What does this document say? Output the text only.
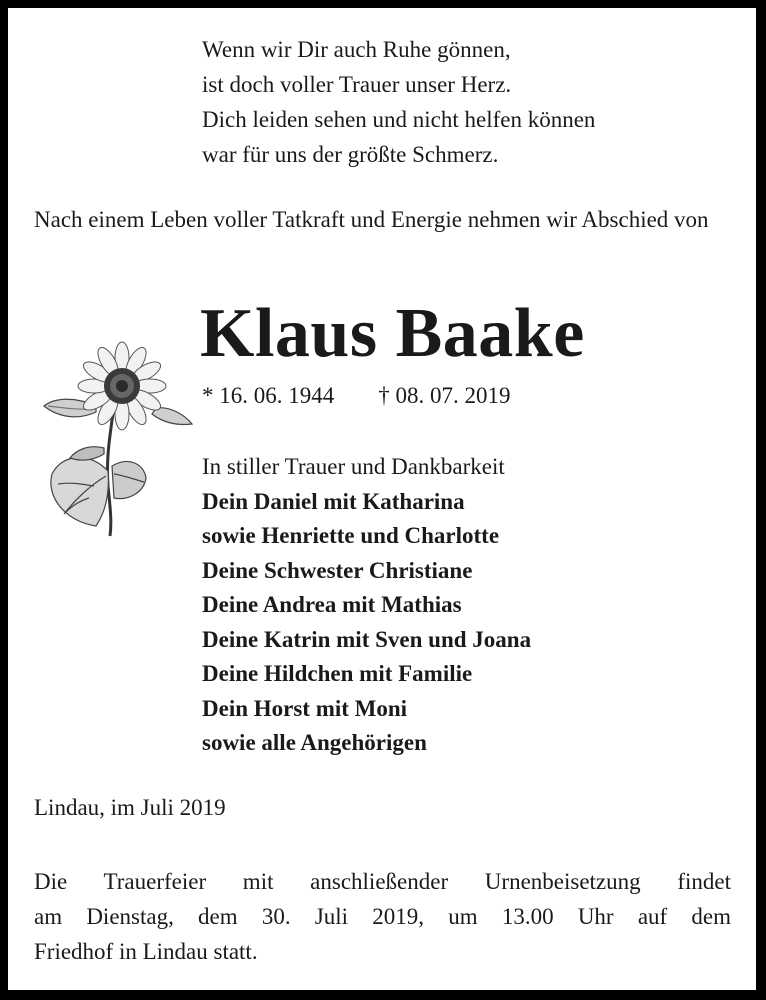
Wenn wir Dir auch Ruhe gönnen,
ist doch voller Trauer unser Herz.
Dich leiden sehen und nicht helfen können
war für uns der größte Schmerz.
Nach einem Leben voller Tatkraft und Energie nehmen wir Abschied von
Klaus Baake
* 16. 06. 1944 † 08. 07. 2019
In stiller Trauer und Dankbarkeit
Dein Daniel mit Katharina
sowie Henriette und Charlotte
Deine Schwester Christiane
Deine Andrea mit Mathias
Deine Katrin mit Sven und Joana
Deine Hildchen mit Familie
Dein Horst mit Moni
sowie alle Angehörigen
Lindau, im Juli 2019
Die Trauerfeier mit anschließender Urnenbeisetzung findet
am Dienstag, dem 30. Juli 2019, um 13.00 Uhr auf dem
Friedhof in Lindau statt.
